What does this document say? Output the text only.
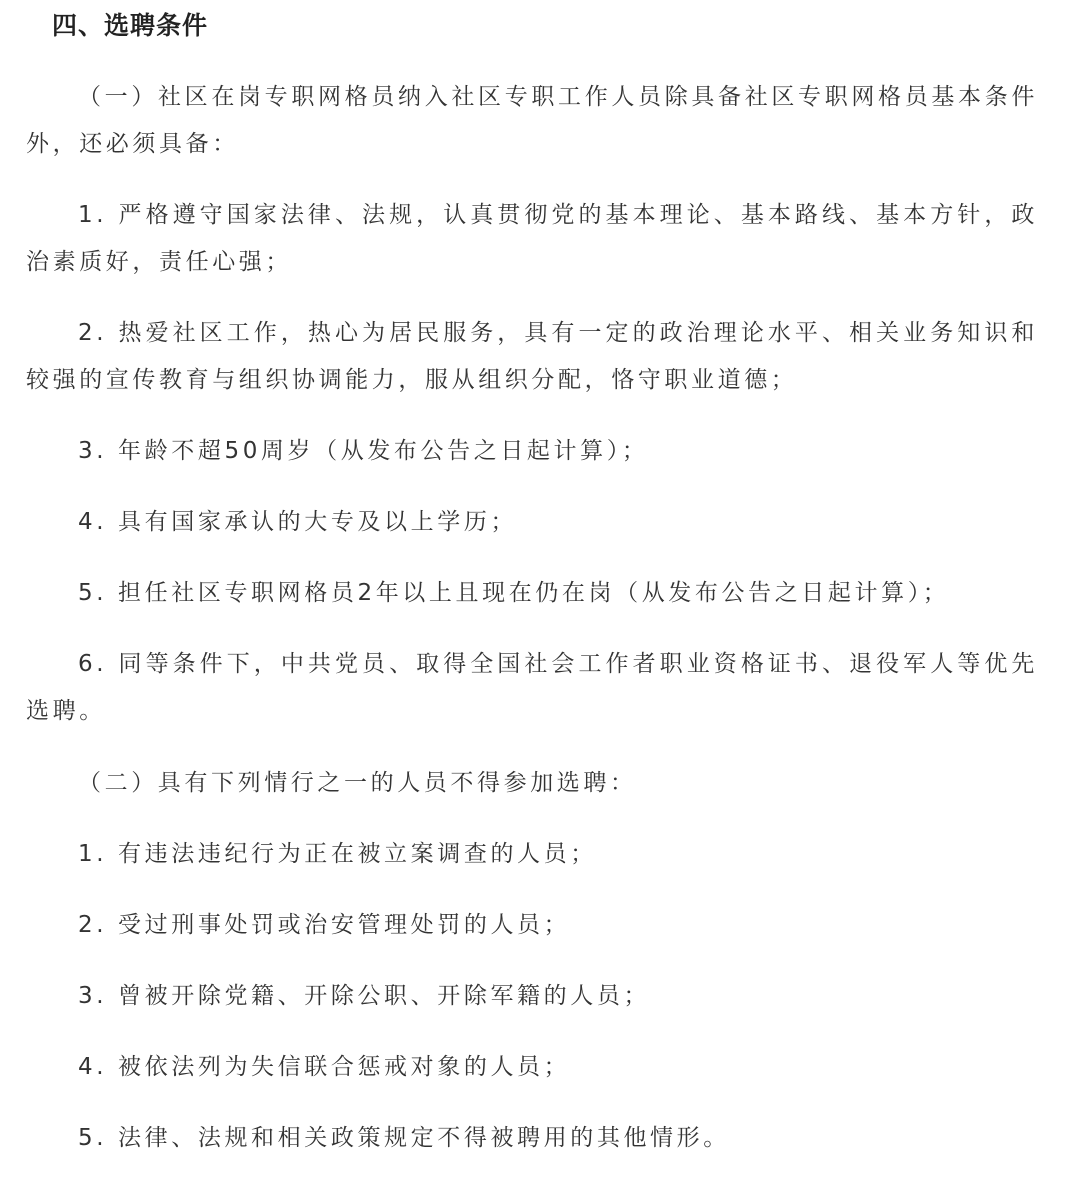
四、选聘条件

（一）社区在岗专职网格员纳入社区专职工作人员除具备社区专职网格员基本条件外，还必须具备：

1. 严格遵守国家法律、法规，认真贯彻党的基本理论、基本路线、基本方针，政治素质好，责任心强；

2. 热爱社区工作，热心为居民服务，具有一定的政治理论水平、相关业务知识和较强的宣传教育与组织协调能力，服从组织分配，恪守职业道德；

3. 年龄不超50周岁（从发布公告之日起计算）；

4. 具有国家承认的大专及以上学历；

5. 担任社区专职网格员2年以上且现在仍在岗（从发布公告之日起计算）；

6. 同等条件下，中共党员、取得全国社会工作者职业资格证书、退役军人等优先选聘。

（二）具有下列情行之一的人员不得参加选聘：

1. 有违法违纪行为正在被立案调查的人员；

2. 受过刑事处罚或治安管理处罚的人员；

3. 曾被开除党籍、开除公职、开除军籍的人员；

4. 被依法列为失信联合惩戒对象的人员；

5. 法律、法规和相关政策规定不得被聘用的其他情形。
